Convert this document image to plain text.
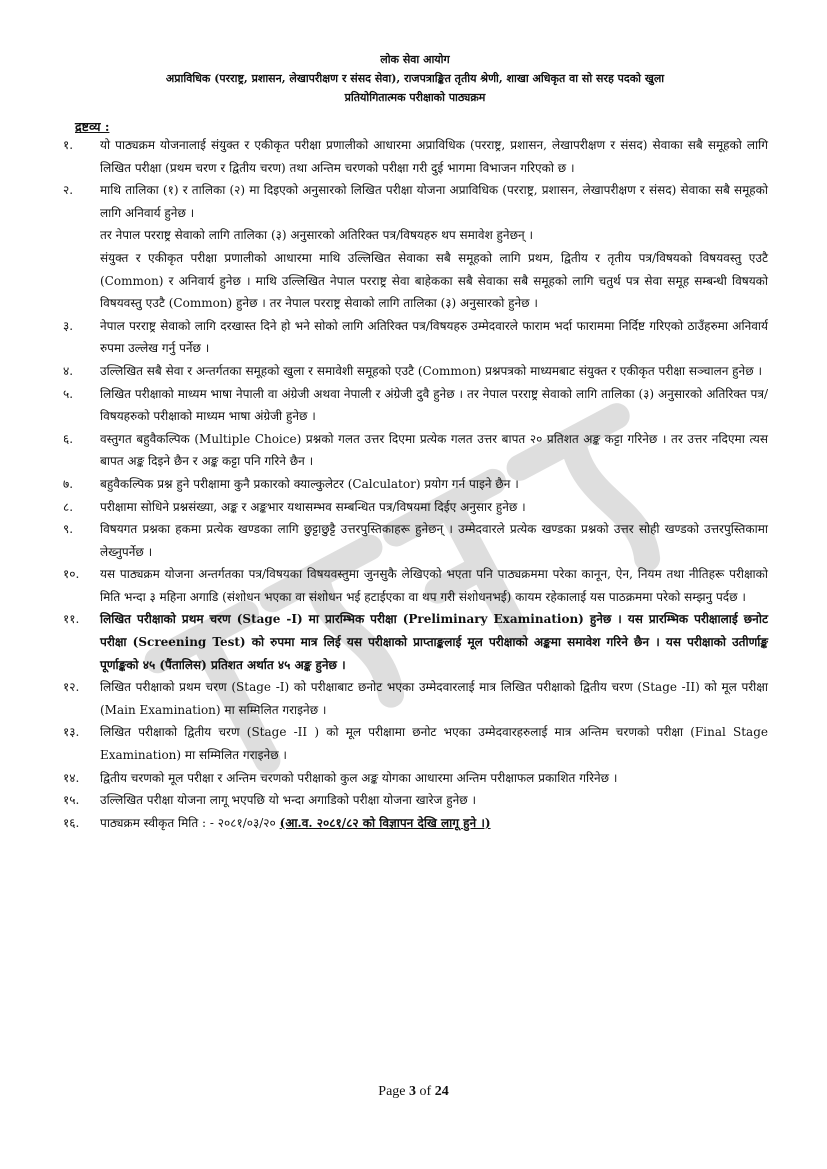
लोक सेवा आयोग
अप्राविधिक (परराष्ट्र, प्रशासन, लेखापरीक्षण र संसद सेवा), राजपत्राङ्कित तृतीय श्रेणी, शाखा अधिकृत वा सो सरह पदको खुला
प्रतियोगितात्मक परीक्षाको पाठ्यक्रम
द्रष्टव्य :
१.	यो पाठ्यक्रम योजनालाई संयुक्त र एकीकृत परीक्षा प्रणालीको आधारमा अप्राविधिक (परराष्ट्र, प्रशासन, लेखापरीक्षण र संसद) सेवाका सबै समूहको लागि लिखित परीक्षा (प्रथम चरण र द्वितीय चरण) तथा अन्तिम चरणको परीक्षा गरी दुई भागमा विभाजन गरिएको छ ।

२.	माथि तालिका (१) र तालिका (२) मा दिइएको अनुसारको लिखित परीक्षा योजना अप्राविधिक (परराष्ट्र, प्रशासन, लेखापरीक्षण र संसद) सेवाका सबै समूहको लागि अनिवार्य हुनेछ ।

तर नेपाल परराष्ट्र सेवाको लागि तालिका (३) अनुसारको अतिरिक्त पत्र/विषयहरु थप समावेश हुनेछन् ।

संयुक्त र एकीकृत परीक्षा प्रणालीको आधारमा माथि उल्लिखित सेवाका सबै समूहको लागि प्रथम, द्वितीय र तृतीय पत्र/विषयको विषयवस्तु एउटै (Common) र अनिवार्य हुनेछ । माथि उल्लिखित नेपाल परराष्ट्र सेवा बाहेकका सबै सेवाका सबै समूहको लागि चतुर्थ पत्र सेवा समूह सम्बन्धी विषयको विषयवस्तु एउटै (Common) हुनेछ । तर नेपाल परराष्ट्र सेवाको लागि तालिका (३) अनुसारको हुनेछ ।

३.	नेपाल परराष्ट्र सेवाको लागि दरखास्त दिने हो भने सोको लागि अतिरिक्त पत्र/विषयहरु उम्मेदवारले फाराम भर्दा फाराममा निर्दिष्ट गरिएको ठाउँहरुमा अनिवार्य रुपमा उल्लेख गर्नु पर्नेछ ।

४.	उल्लिखित सबै सेवा र अन्तर्गतका समूहको खुला र समावेशी समूहको एउटै (Common) प्रश्नपत्रको माध्यमबाट संयुक्त र एकीकृत परीक्षा सञ्चालन हुनेछ ।

५.	लिखित परीक्षाको माध्यम भाषा नेपाली वा अंग्रेजी अथवा नेपाली र अंग्रेजी दुवै हुनेछ । तर नेपाल परराष्ट्र सेवाको लागि तालिका (३) अनुसारको अतिरिक्त पत्र/विषयहरुको परीक्षाको माध्यम भाषा अंग्रेजी हुनेछ ।

६.	वस्तुगत बहुवैकल्पिक (Multiple Choice) प्रश्नको गलत उत्तर दिएमा प्रत्येक गलत उत्तर बापत २० प्रतिशत अङ्क कट्टा गरिनेछ । तर उत्तर नदिएमा त्यस बापत अङ्क दिइने छैन र अङ्क कट्टा पनि गरिने छैन ।

७.	बहुवैकल्पिक प्रश्न हुने परीक्षामा कुनै प्रकारको क्याल्कुलेटर (Calculator) प्रयोग गर्न पाइने छैन ।

८.	परीक्षामा सोधिने प्रश्नसंख्या, अङ्क र अङ्कभार यथासम्भव सम्बन्धित पत्र/विषयमा दिईए अनुसार हुनेछ ।

९.	विषयगत प्रश्नका हकमा प्रत्येक खण्डका लागि छुट्टाछुट्टै उत्तरपुस्तिकाहरू हुनेछन् । उम्मेदवारले प्रत्येक खण्डका प्रश्नको उत्तर सोही खण्डको उत्तरपुस्तिकामा लेख्नुपर्नेछ ।

१०.	यस पाठ्यक्रम योजना अन्तर्गतका पत्र/विषयका विषयवस्तुमा जुनसुकै लेखिएको भएता पनि पाठ्यक्रममा परेका कानून, ऐन, नियम तथा नीतिहरू परीक्षाको मिति भन्दा ३ महिना अगाडि (संशोधन भएका वा संशोधन भई हटाईएका वा थप गरी संशोधनभई) कायम रहेकालाई यस पाठक्रममा परेको सम्झनु पर्दछ ।

११.	लिखित परीक्षाको प्रथम चरण (Stage -I) मा प्रारम्भिक परीक्षा (Preliminary Examination) हुनेछ । यस प्रारम्भिक परीक्षालाई छनोट परीक्षा (Screening Test) को रुपमा मात्र लिई यस परीक्षाको प्राप्ताङ्कलाई मूल परीक्षाको अङ्कमा समावेश गरिने छैन । यस परीक्षाको उतीर्णाङ्क पूर्णाङ्कको ४५ (पैंतालिस) प्रतिशत अर्थात ४५ अङ्क हुनेछ ।

१२.	लिखित परीक्षाको प्रथम चरण (Stage -I) को परीक्षाबाट छनोट भएका उम्मेदवारलाई मात्र लिखित परीक्षाको द्वितीय चरण (Stage -II) को मूल परीक्षा (Main Examination) मा सम्मिलित गराइनेछ ।

१३.	लिखित परीक्षाको द्वितीय चरण (Stage -II ) को मूल परीक्षामा छनोट भएका उम्मेदवारहरुलाई मात्र अन्तिम चरणको परीक्षा (Final Stage Examination) मा सम्मिलित गराइनेछ ।

१४.	द्वितीय चरणको मूल परीक्षा र अन्तिम चरणको परीक्षाको कुल अङ्क योगका आधारमा अन्तिम परीक्षाफल प्रकाशित गरिनेछ ।

१५.	उल्लिखित परीक्षा योजना लागू भएपछि यो भन्दा अगाडिको परीक्षा योजना खारेज हुनेछ ।

१६.	पाठ्यक्रम स्वीकृत मिति : - २०८१/०३/२० (आ.व. २०८१/८२ को विज्ञापन देखि लागू हुने ।)

Page 3 of 24
